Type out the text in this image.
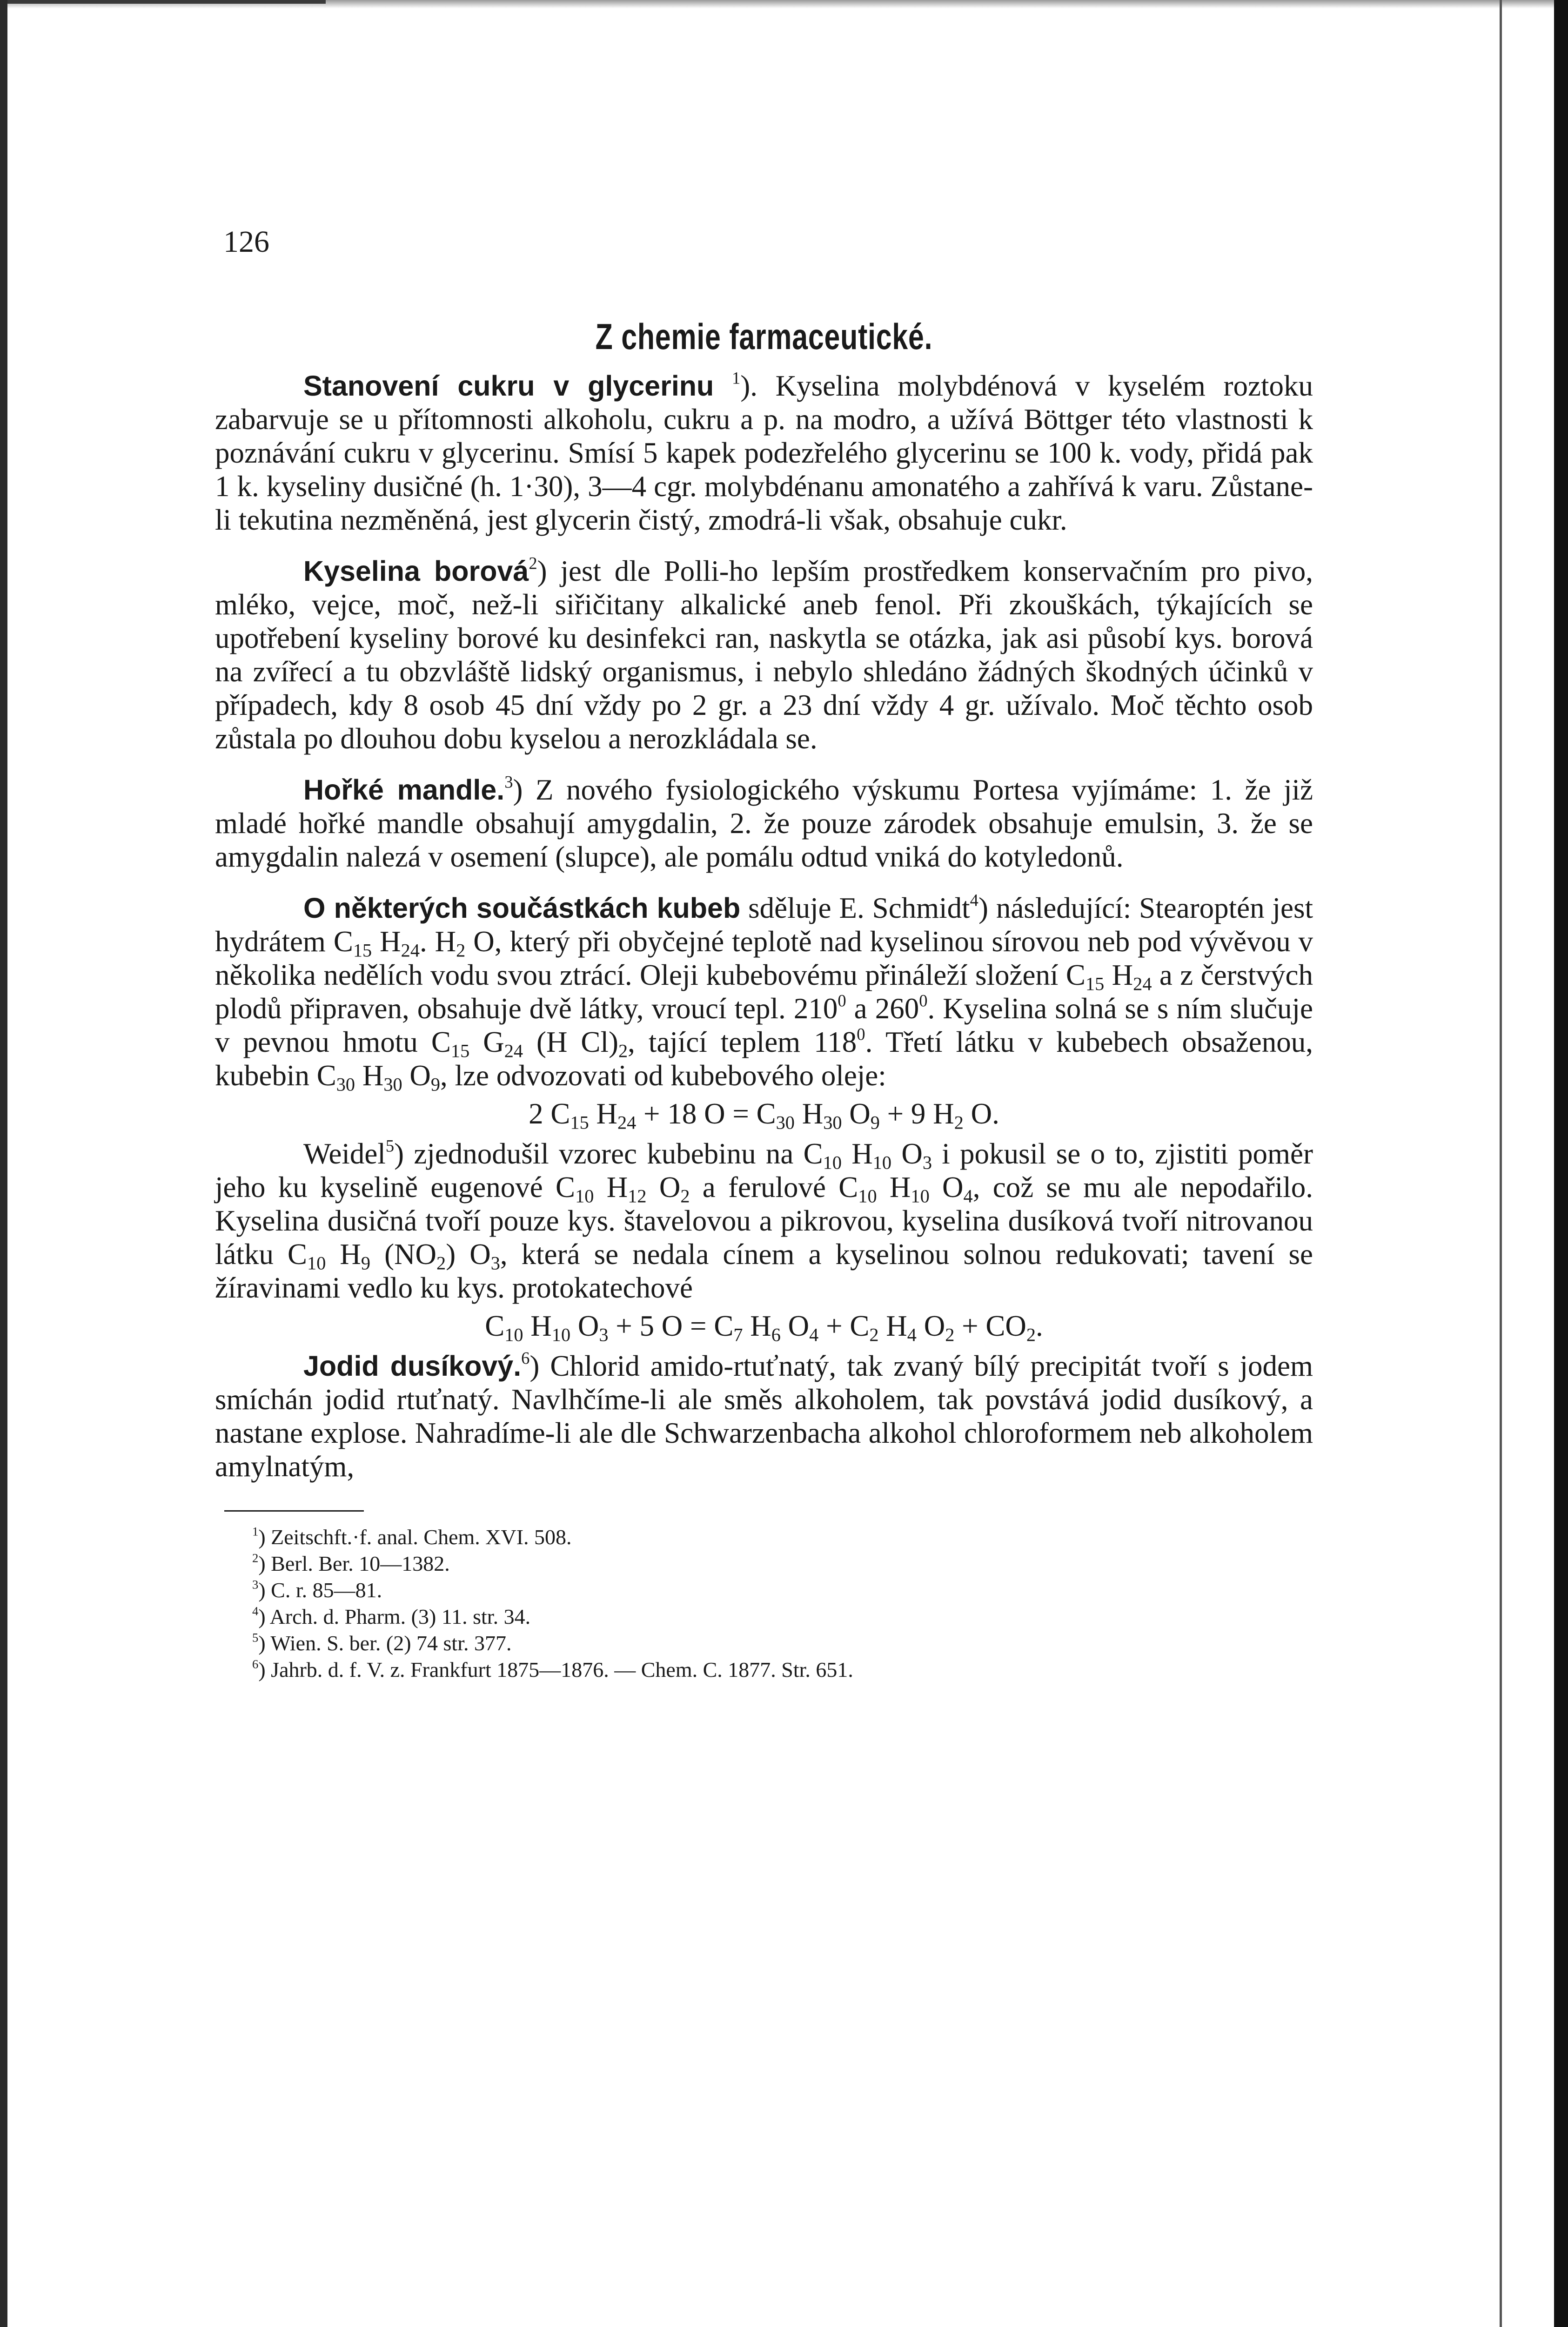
126
Z chemie farmaceutické.

Stanovení cukru v glycerinu $^1$). Kyselina molybdénová v kyselém roztoku zabarvuje se u přítomnosti alkoholu, cukru a p. na modro, a užívá Böttger této vlastnosti k poznávání cukru v glycerinu. Smísí 5 kapek podezřelého glycerinu se 100 k. vody, přidá pak 1 k. kyseliny dusičné (h. 1·30), 3—4 cgr. molybdénanu amonatého a zahřívá k varu. Zůstane-li tekutina nezměněná, jest glycerin čistý, zmodrá-li však, obsahuje cukr.

Kyselina borová$^2$) jest dle Polli-ho lepším prostředkem konservačním pro pivo, mléko, vejce, moč, než-li siřičitany alkalické aneb fenol. Při zkouškách, týkajících se upotřebení kyseliny borové ku desinfekci ran, naskytla se otázka, jak asi působí kys. borová na zvířecí a tu obzvláště lidský organismus, i nebylo shledáno žádných škodných účinků v případech, kdy 8 osob 45 dní vždy po 2 gr. a 23 dní vždy 4 gr. užívalo. Moč těchto osob zůstala po dlouhou dobu kyselou a nerozkládala se.

Hořké mandle.$^3$) Z nového fysiologického výskumu Portesa vyjímáme: 1. že již mladé hořké mandle obsahují amygdalin, 2. že pouze zárodek obsahuje emulsin, 3. že se amygdalin nalezá v osemení (slupce), ale pomálu odtud vniká do kotyledonů.

O některých součástkách kubeb sděluje E. Schmidt$^4$) následující: Stearoptén jest hydrátem $C_{15}$ $H_{24}$. $H_2$ O, který při obyčejné teplotě nad kyselinou sírovou neb pod vývěvou v několika nedělích vodu svou ztrácí. Oleji kubebovému přináleží složení $C_{15}$ $H_{24}$ a z čerstvých plodů připraven, obsahuje dvě látky, vroucí tepl. $210^0$ a $260^0$. Kyselina solná se s ním slučuje v pevnou hmotu $C_{15}$ $G_{24}$ (H $Cl)_2$, tající teplem $118^0$. Třetí látku v kubebech obsaženou, kubebin $C_{30}$ $H_{30}$ $O_9$, lze odvozovati od kubebového oleje:

2 $C_{15}$ $H_{24} + 18$ $O = C_{30}$ $H_{30}$ $O_9 + 9$ $H_2$ O.

Weidel$^5$) zjednodušil vzorec kubebinu na $C_{10}$ $H_{10}$ $O_3$ i pokusil se o to, zjistiti poměr jeho ku kyselině eugenové $C_{10}$ $H_{12}$ $O_2$ a ferulové $C_{10}$ $H_{10}$ $O_4$, což se mu ale nepodařilo. Kyselina dusičná tvoří pouze kys. štavelovou a pikrovou, kyselina dusíková tvoří nitrovanou látku $C_{10}$ $H_9$ $(NO_2)$ $O_3$, která se nedala cínem a kyselinou solnou redukovati; tavení se žíravinami vedlo ku kys. protokatechové

$C_{10}$ $H_{10}$ $O_3 + 5$ $O = C_7$ $H_6$ $O_4 + C_2$ $H_4$ $O_2 + CO_2$.

Jodid dusíkový.$^6$) Chlorid amido-rtuťnatý, tak zvaný bílý precipitát tvoří s jodem smíchán jodid rtuťnatý. Navlhčíme-li ale směs alkoholem, tak povstává jodid dusíkový, a nastane explose. Nahradíme-li ale dle Schwarzenbacha alkohol chloroformem neb alkoholem amylnatým,

$^1$) Zeitschft.·f. anal. Chem. XVI. 508.
$^2$) Berl. Ber. 10—1382.
$^3$) C. r. 85—81.
$^4$) Arch. d. Pharm. (3) 11. str. 34.
$^5$) Wien. S. ber. (2) 74 str. 377.
$^6$) Jahrb. d. f. V. z. Frankfurt 1875—1876. — Chem. C. 1877. Str. 651.
